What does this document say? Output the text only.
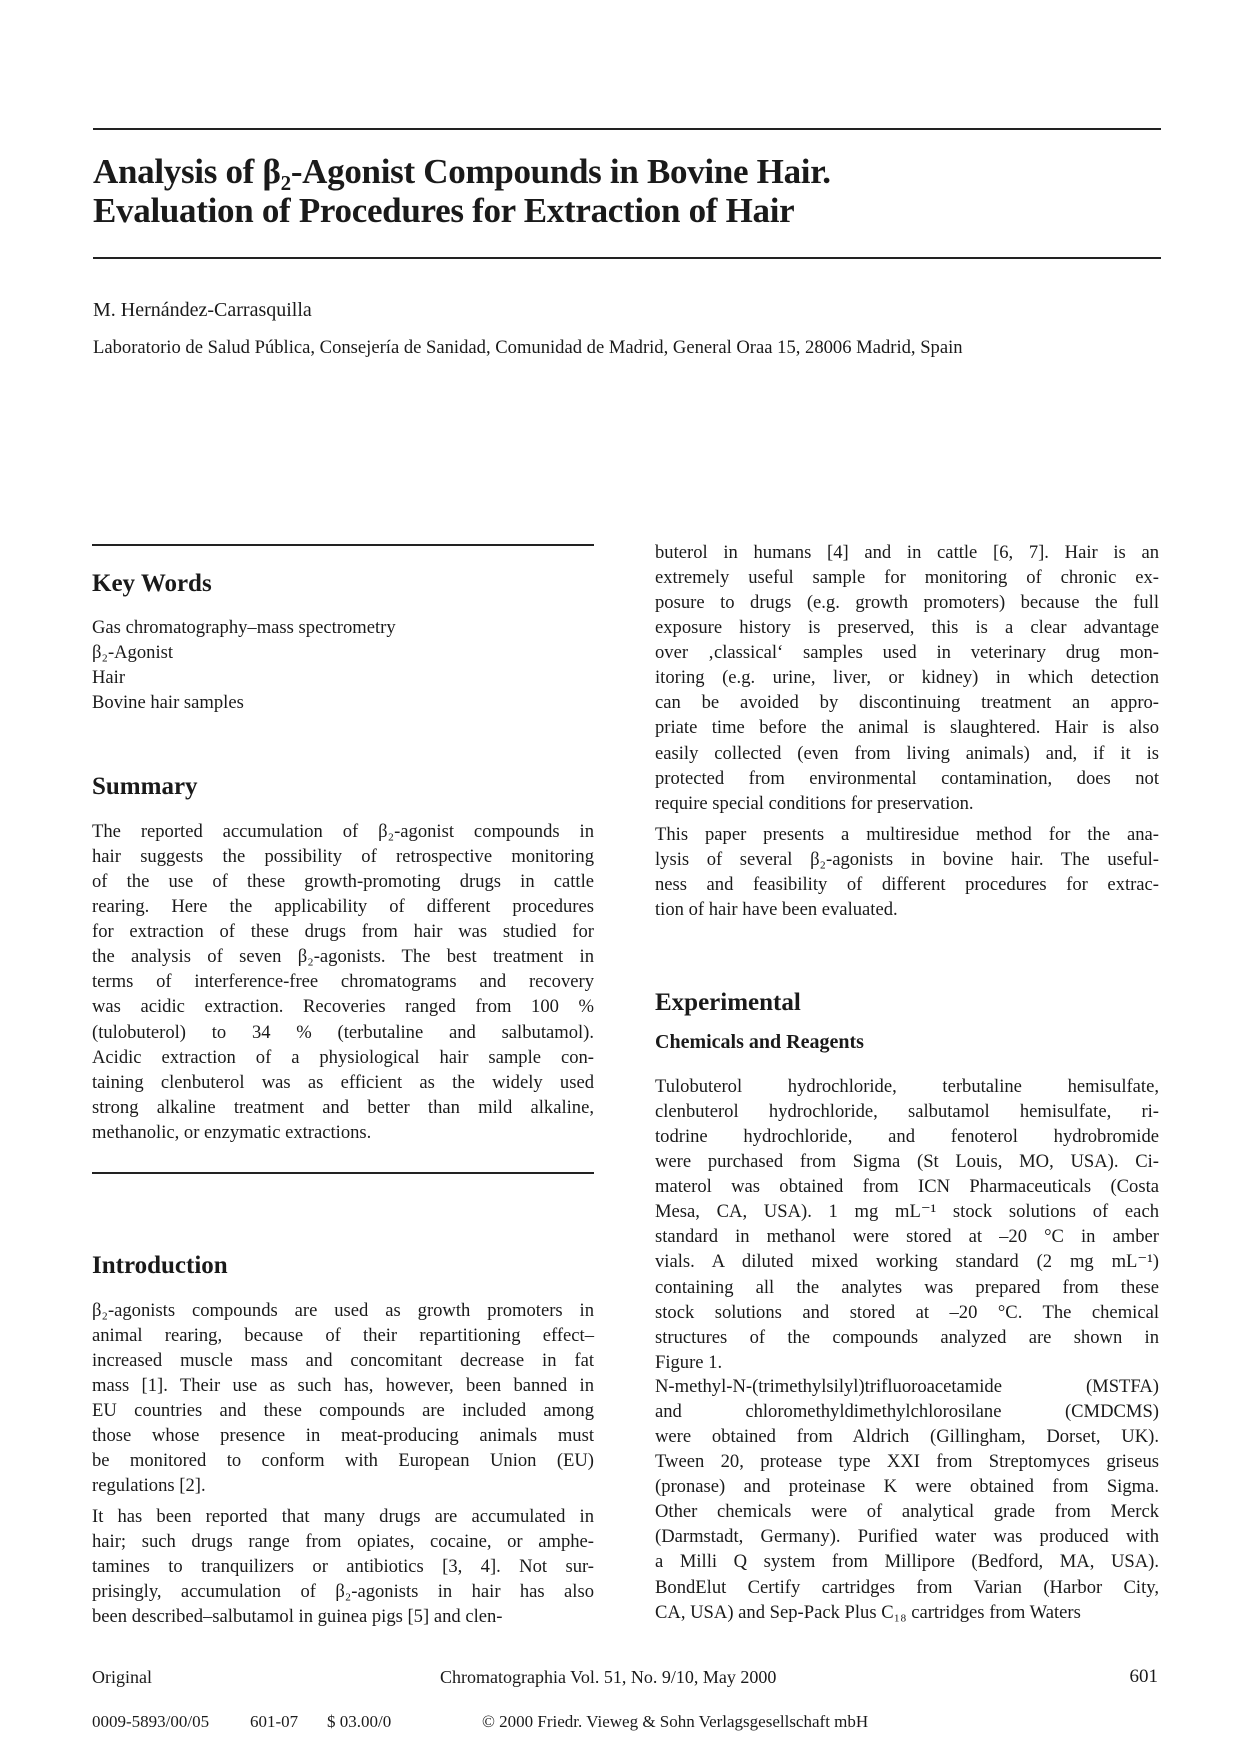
Analysis of β₂-Agonist Compounds in Bovine Hair.
Evaluation of Procedures for Extraction of Hair
M. Hernández-Carrasquilla
Laboratorio de Salud Pública, Consejería de Sanidad, Comunidad de Madrid, General Oraa 15, 28006 Madrid, Spain
Key Words
Gas chromatography–mass spectrometry
β₂-Agonist
Hair
Bovine hair samples
Summary
The reported accumulation of β₂-agonist compounds in
hair suggests the possibility of retrospective monitoring
of the use of these growth-promoting drugs in cattle
rearing. Here the applicability of different procedures
for extraction of these drugs from hair was studied for
the analysis of seven β₂-agonists. The best treatment in
terms of interference-free chromatograms and recovery
was acidic extraction. Recoveries ranged from 100 %
(tulobuterol) to 34 % (terbutaline and salbutamol).
Acidic extraction of a physiological hair sample con-
taining clenbuterol was as efficient as the widely used
strong alkaline treatment and better than mild alkaline,
methanolic, or enzymatic extractions.
Introduction
β₂-agonists compounds are used as growth promoters in
animal rearing, because of their repartitioning effect–
increased muscle mass and concomitant decrease in fat
mass [1]. Their use as such has, however, been banned in
EU countries and these compounds are included among
those whose presence in meat-producing animals must
be monitored to conform with European Union (EU)
regulations [2].
It has been reported that many drugs are accumulated in
hair; such drugs range from opiates, cocaine, or amphe-
tamines to tranquilizers or antibiotics [3, 4]. Not sur-
prisingly, accumulation of β₂-agonists in hair has also
been described–salbutamol in guinea pigs [5] and clen-
buterol in humans [4] and in cattle [6, 7]. Hair is an
extremely useful sample for monitoring of chronic ex-
posure to drugs (e.g. growth promoters) because the full
exposure history is preserved, this is a clear advantage
over ‚classical‘ samples used in veterinary drug mon-
itoring (e.g. urine, liver, or kidney) in which detection
can be avoided by discontinuing treatment an appro-
priate time before the animal is slaughtered. Hair is also
easily collected (even from living animals) and, if it is
protected from environmental contamination, does not
require special conditions for preservation.
This paper presents a multiresidue method for the ana-
lysis of several β₂-agonists in bovine hair. The useful-
ness and feasibility of different procedures for extrac-
tion of hair have been evaluated.
Experimental
Chemicals and Reagents
Tulobuterol hydrochloride, terbutaline hemisulfate,
clenbuterol hydrochloride, salbutamol hemisulfate, ri-
todrine hydrochloride, and fenoterol hydrobromide
were purchased from Sigma (St Louis, MO, USA). Ci-
materol was obtained from ICN Pharmaceuticals (Costa
Mesa, CA, USA). 1 mg mL⁻¹ stock solutions of each
standard in methanol were stored at –20 °C in amber
vials. A diluted mixed working standard (2 mg mL⁻¹)
containing all the analytes was prepared from these
stock solutions and stored at –20 °C. The chemical
structures of the compounds analyzed are shown in
Figure 1.
N-methyl-N-(trimethylsilyl)trifluoroacetamide (MSTFA)
and chloromethyldimethylchlorosilane (CMDCMS)
were obtained from Aldrich (Gillingham, Dorset, UK).
Tween 20, protease type XXI from Streptomyces griseus
(pronase) and proteinase K were obtained from Sigma.
Other chemicals were of analytical grade from Merck
(Darmstadt, Germany). Purified water was produced with
a Milli Q system from Millipore (Bedford, MA, USA).
BondElut Certify cartridges from Varian (Harbor City,
CA, USA) and Sep-Pack Plus C₁₈ cartridges from Waters
Original	Chromatographia Vol. 51, No. 9/10, May 2000	601
0009-5893/00/05 601-07 $ 03.00/0	© 2000 Friedr. Vieweg & Sohn Verlagsgesellschaft mbH
